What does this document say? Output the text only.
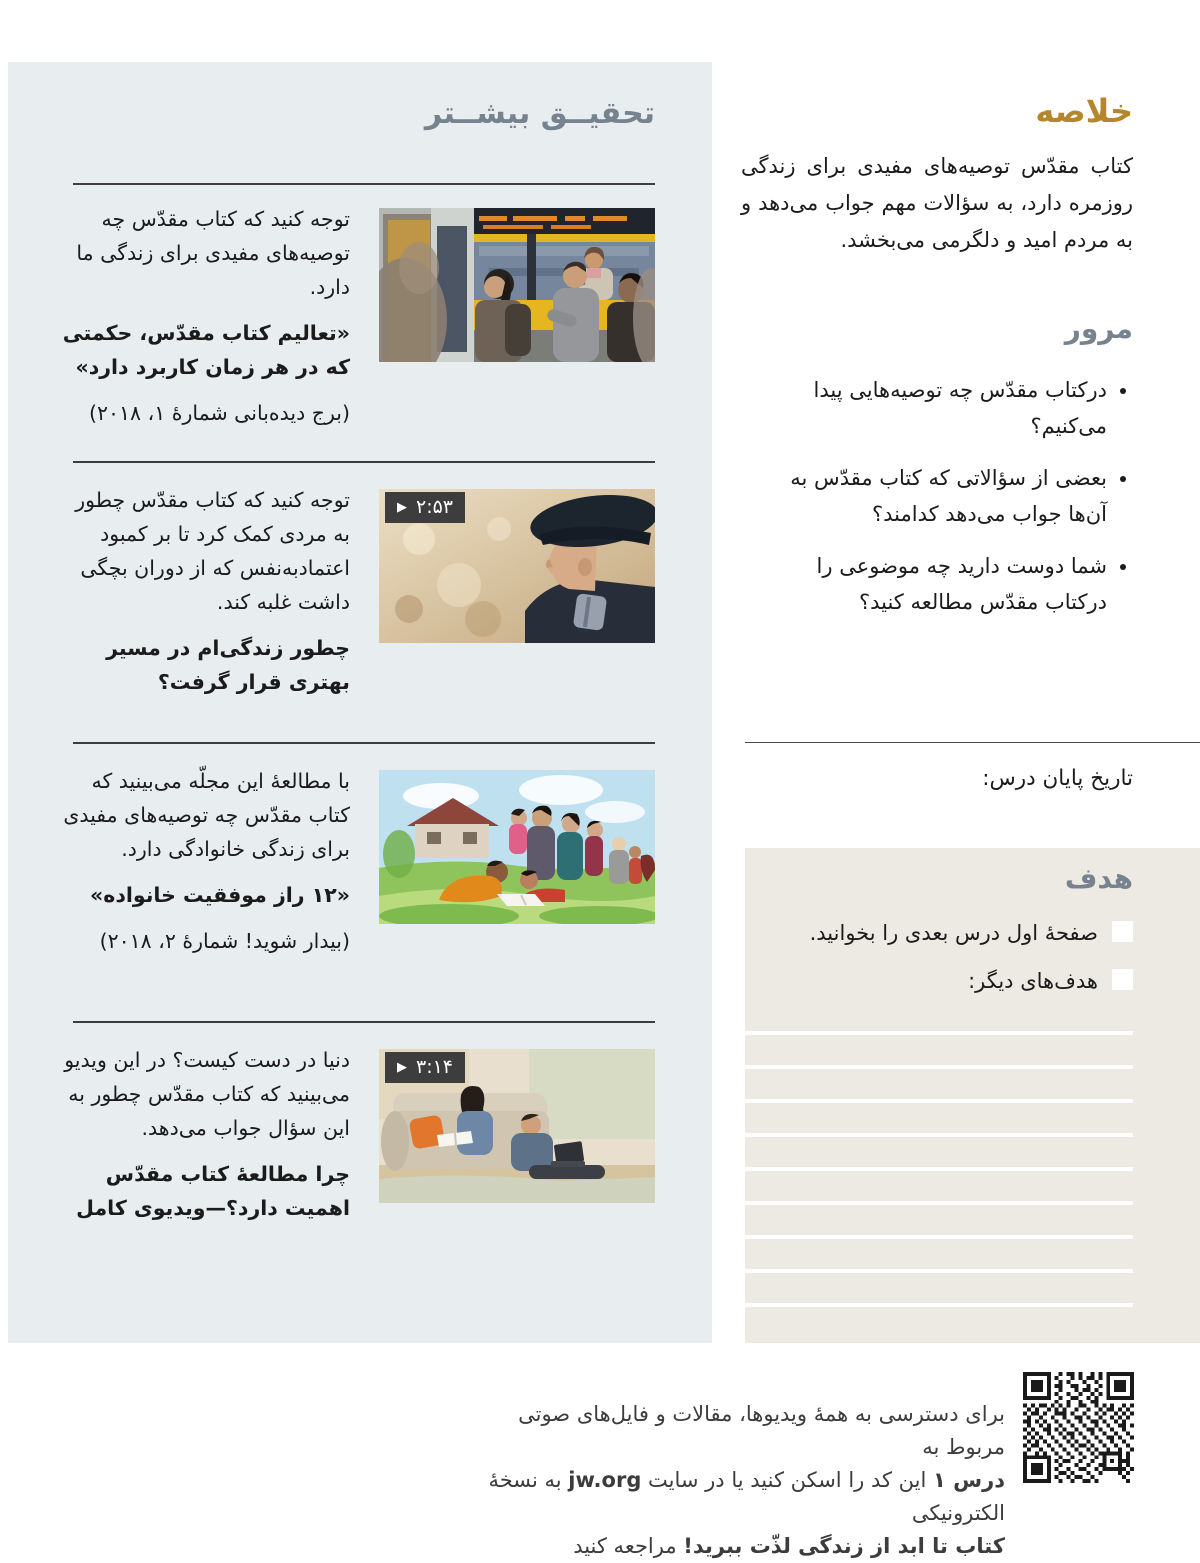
تحقیــق بیشــتر

توجه کنید که کتاب مقدّس چه توصیه‌های مفیدی برای زندگی ما دارد.

«تعالیم کتاب مقدّس، حکمتی که در هر زمان کاربرد دارد»

(برج دیده‌بانی شمارهٔ ۱، ۲۰۱۸)

توجه کنید که کتاب مقدّس چطور به مردی کمک کرد تا بر کمبود اعتمادبه‌نفس که از دوران بچگی داشت غلبه کند.

چطور زندگی‌ام در مسیر بهتری قرار گرفت؟

▶ ۲:۵۳

با مطالعهٔ این مجلّه می‌بینید که کتاب مقدّس چه توصیه‌های مفیدی برای زندگی خانوادگی دارد.

«۱۲ راز موفقیت خانواده»

(بیدار شوید! شمارهٔ ۲، ۲۰۱۸)

دنیا در دست کیست؟ در این ویدیو می‌بینید که کتاب مقدّس چطور به این سؤال جواب می‌دهد.

چرا مطالعهٔ کتاب مقدّس اهمیت دارد؟—ویدیوی کامل

▶ ۳:۱۴
خلاصه
کتاب مقدّس توصیه‌های مفیدی برای زندگی روزمره دارد، به سؤالات مهم جواب می‌دهد و به مردم امید و دلگرمی می‌بخشد.
مرور
• درکتاب مقدّس چه توصیه‌هایی پیدا می‌کنیم؟
• بعضی از سؤالاتی که کتاب مقدّس به آن‌ها جواب می‌دهد کدامند؟
• شما دوست دارید چه موضوعی را درکتاب مقدّس مطالعه کنید؟
تاریخ پایان درس:
هدف
صفحهٔ اول درس بعدی را بخوانید.
هدف‌های دیگر:
برای دسترسی به همهٔ ویدیوها، مقالات و فایل‌های صوتی مربوط به
درس ۱ این کد را اسکن کنید یا در سایت jw.org به نسخهٔ الکترونیکی
کتاب تا ابد از زندگی لذّت ببرید! مراجعه کنید
